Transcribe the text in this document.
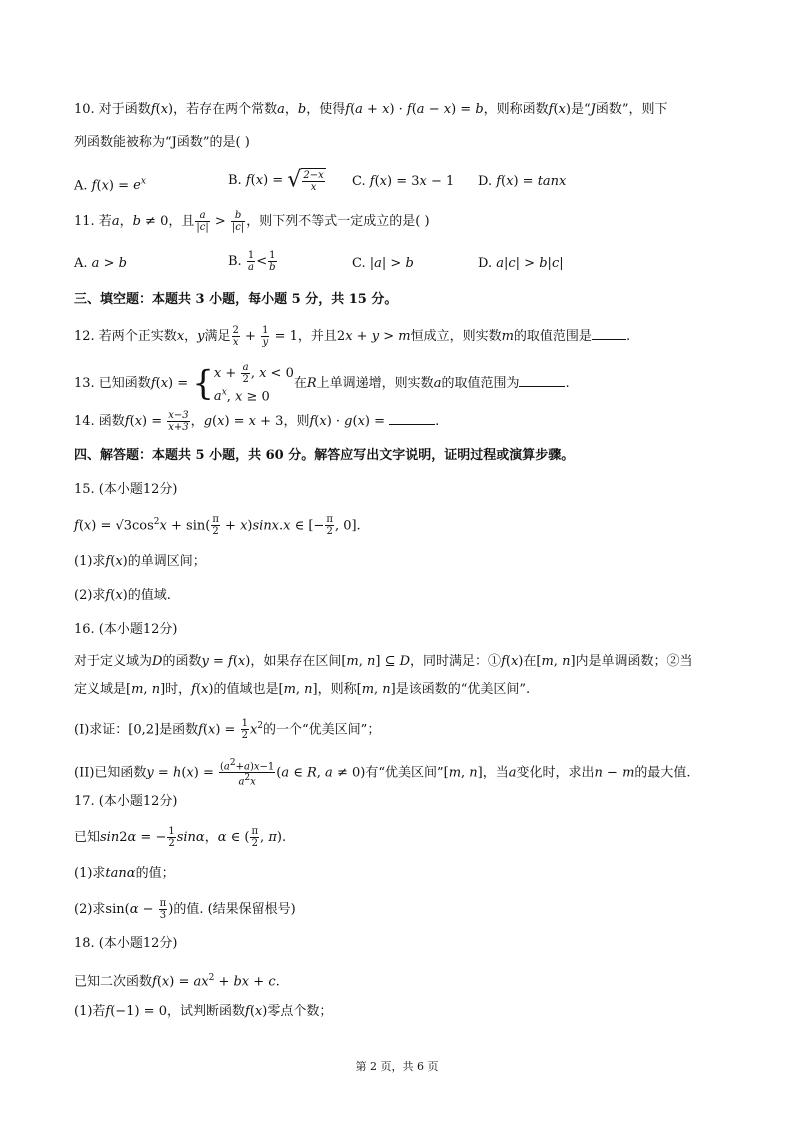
10. 对于函数f(x)，若存在两个常数a，b，使得f(a + x) · f(a − x) = b，则称函数f(x)是“J函数”，则下
列函数能被称为“J函数”的是( )
A. $f(x) = e^x$	B. f(x) = √ $\frac{2-x}{x} C$. f(x) = 3x − 1 D. f(x) = tanx
11. 若a，b ≠ 0，且 $\frac{a}{|c|} > \frac{b}{|c|}$ ，则下列不等式一定成立的是( )
A. a > b	B. $\frac{1}{a} < \frac{1}{b}$	C. |a| > b	D. a|c| > b|c|
三、填空题：本题共 3 小题，每小题 5 分，共 15 分。
12. 若两个正实数x，y满足 $\frac{2}{x} + \frac{1}{y} = 1$，并且2x + y > m恒成立，则实数m的取值范围是	.
13. 已知函数f(x) = { $x + \frac{a}{2}$ , x < 0
$a^x$, x ≥ 0
在R上单调递增，则实数a的取值范围为	.
14. 函数$f(x) = \frac{x-3}{x+3}$ ，g(x) = x + 3，则f(x) · g(x) =	.
四、解答题：本题共 5 小题，共 60 分。解答应写出文字说明，证明过程或演算步骤。
15. (本小题12分)
$f(x) = √3\cos^2x + \sin( \frac{\pi}{2} + x)\sin x.x$ ∈ [− $\frac{\pi}{2}$ , 0].
(1)求f(x)的单调区间；
(2)求f(x)的值域.
16. (本小题12分)
对于定义域为D的函数y = f(x)，如果存在区间[m, n] ⊆ D，同时满足：①f(x)在[m, n]内是单调函数；②当
定义域是[m, n]时，f(x)的值域也是[m, n]，则称[m, n]是该函数的“优美区间”.
(I)求证：[0,2]是函数$f(x) = \frac{1}{2} x^2$的一个“优美区间”；
(II)已知函数$y = h(x) = \frac{(a^2+a)x-1}{a^2x} (a$ ∈ R, a ≠ 0)有“优美区间”[m, n]，当a变化时，求出n − m的最大值.
17. (本小题12分)
已知sin2α = − $\frac{1}{2}$ sinα，α ∈ ( $\frac{\pi}{2}$ , π).
(1)求tanα的值；
(2)求$\sin(\alpha - \frac{\pi}{3}$ )的值. (结果保留根号)
18. (本小题12分)
已知二次函数$f(x) = ax^2$ + bx + c.
(1)若f(−1) = 0，试判断函数f(x)零点个数；
第 2 页，共 6 页
